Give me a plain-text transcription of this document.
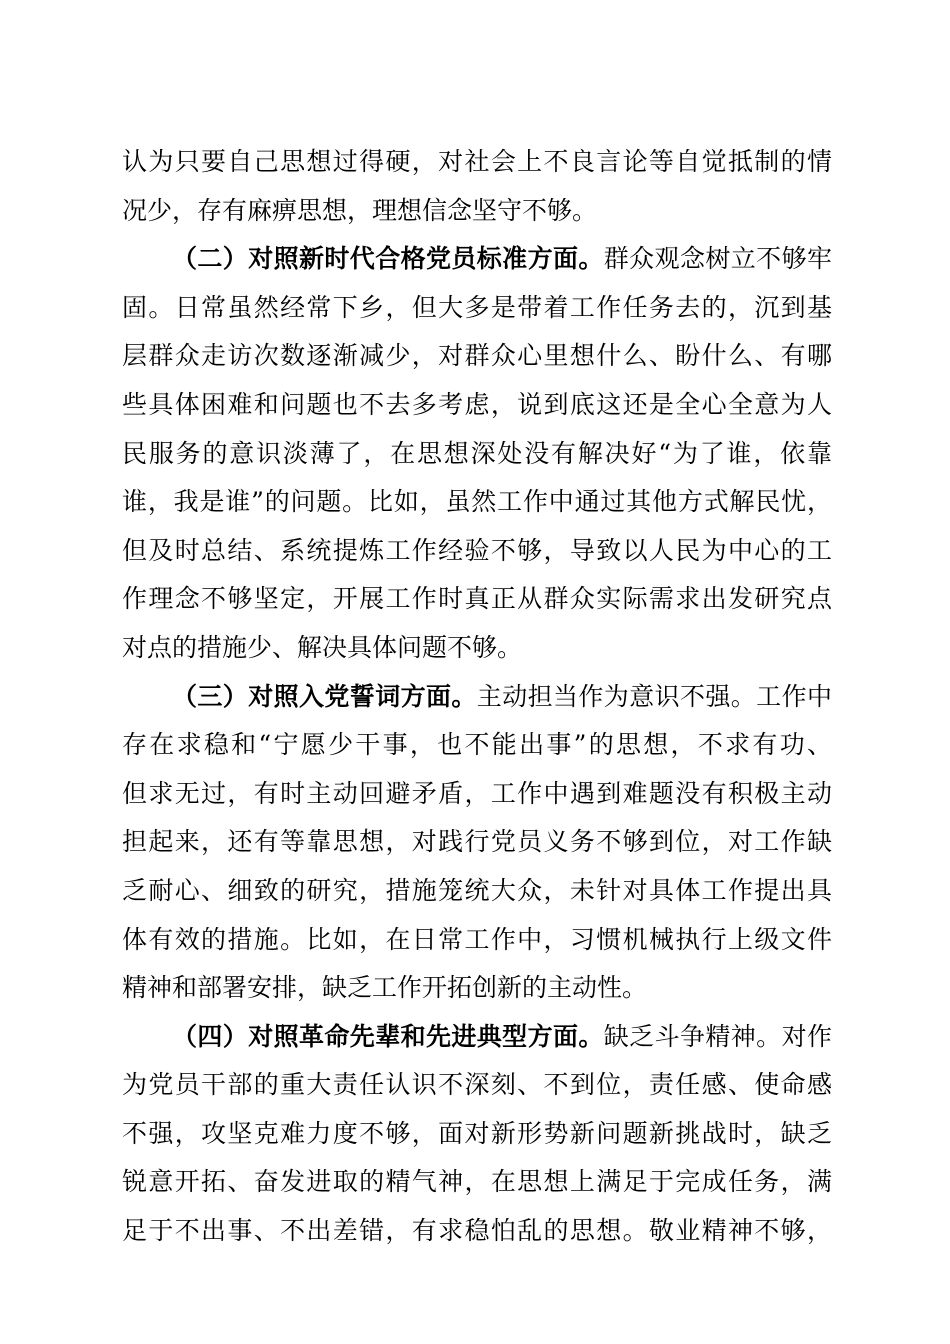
认为只要自己思想过得硬，对社会上不良言论等自觉抵制的情
况少，存有麻痹思想，理想信念坚守不够。
（二）对照新时代合格党员标准方面。群众观念树立不够牢
固。日常虽然经常下乡，但大多是带着工作任务去的，沉到基
层群众走访次数逐渐减少，对群众心里想什么、盼什么、有哪
些具体困难和问题也不去多考虑，说到底这还是全心全意为人
民服务的意识淡薄了，在思想深处没有解决好“为了谁，依靠
谁，我是谁”的问题。比如，虽然工作中通过其他方式解民忧，
但及时总结、系统提炼工作经验不够，导致以人民为中心的工
作理念不够坚定，开展工作时真正从群众实际需求出发研究点
对点的措施少、解决具体问题不够。
（三）对照入党誓词方面。主动担当作为意识不强。工作中
存在求稳和“宁愿少干事，也不能出事”的思想，不求有功、
但求无过，有时主动回避矛盾，工作中遇到难题没有积极主动
担起来，还有等靠思想，对践行党员义务不够到位，对工作缺
乏耐心、细致的研究，措施笼统大众，未针对具体工作提出具
体有效的措施。比如，在日常工作中，习惯机械执行上级文件
精神和部署安排，缺乏工作开拓创新的主动性。
（四）对照革命先辈和先进典型方面。缺乏斗争精神。对作
为党员干部的重大责任认识不深刻、不到位，责任感、使命感
不强，攻坚克难力度不够，面对新形势新问题新挑战时，缺乏
锐意开拓、奋发进取的精气神，在思想上满足于完成任务，满
足于不出事、不出差错，有求稳怕乱的思想。敬业精神不够，
